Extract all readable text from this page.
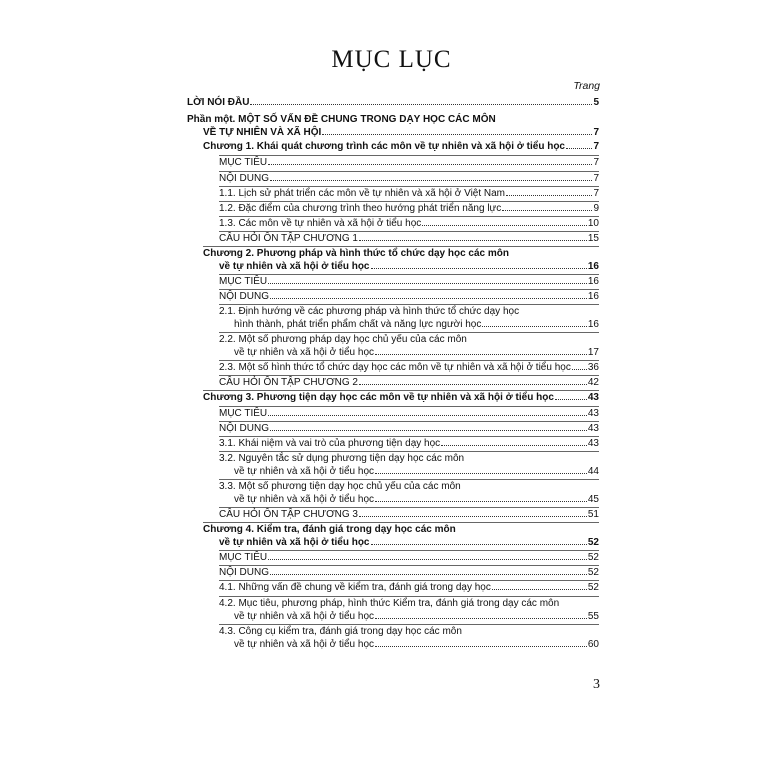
MỤC LỤC
Trang
LỜI NÓI ĐẦU	5
Phần một. MỘT SỐ VẤN ĐỀ CHUNG TRONG DẠY HỌC CÁC MÔN
VỀ TỰ NHIÊN VÀ XÃ HỘI	7
Chương 1. Khái quát chương trình các môn về tự nhiên và xã hội ở tiểu học	7
MỤC TIÊU	7
NỘI DUNG	7
1.1. Lịch sử phát triển các môn về tự nhiên và xã hội ở Việt Nam	7
1.2. Đặc điểm của chương trình theo hướng phát triển năng lực	9
1.3. Các môn về tự nhiên và xã hội ở tiểu học	10
CÂU HỎI ÔN TẬP CHƯƠNG 1	15
Chương 2. Phương pháp và hình thức tổ chức dạy học các môn
về tự nhiên và xã hội ở tiểu học	16
MỤC TIÊU	16
NỘI DUNG	16
2.1. Định hướng về các phương pháp và hình thức tổ chức dạy học
hình thành, phát triển phẩm chất và năng lực người học	16
2.2. Một số phương pháp dạy học chủ yếu của các môn
về tự nhiên và xã hội ở tiểu học	17
2.3. Một số hình thức tổ chức dạy học các môn về tự nhiên và xã hội ở tiểu học 36
CÂU HỎI ÔN TẬP CHƯƠNG 2	42
Chương 3. Phương tiện dạy học các môn về tự nhiên và xã hội ở tiểu học	43
MỤC TIÊU	43
NỘI DUNG	43
3.1. Khái niệm và vai trò của phương tiện dạy học	43
3.2. Nguyên tắc sử dụng phương tiện dạy học các môn
về tự nhiên và xã hội ở tiểu học	44
3.3. Một số phương tiện dạy học chủ yếu của các môn
về tự nhiên và xã hội ở tiểu học	45
CÂU HỎI ÔN TẬP CHƯƠNG 3	51
Chương 4. Kiểm tra, đánh giá trong dạy học các môn
về tự nhiên và xã hội ở tiểu học	52
MỤC TIÊU	52
NỘI DUNG	52
4.1. Những vấn đề chung về kiểm tra, đánh giá trong dạy học	52
4.2. Mục tiêu, phương pháp, hình thức Kiểm tra, đánh giá trong dạy các môn
về tự nhiên và xã hội ở tiểu học	55
4.3. Công cụ kiểm tra, đánh giá trong dạy học các môn
về tự nhiên và xã hội ở tiểu học	60
3
